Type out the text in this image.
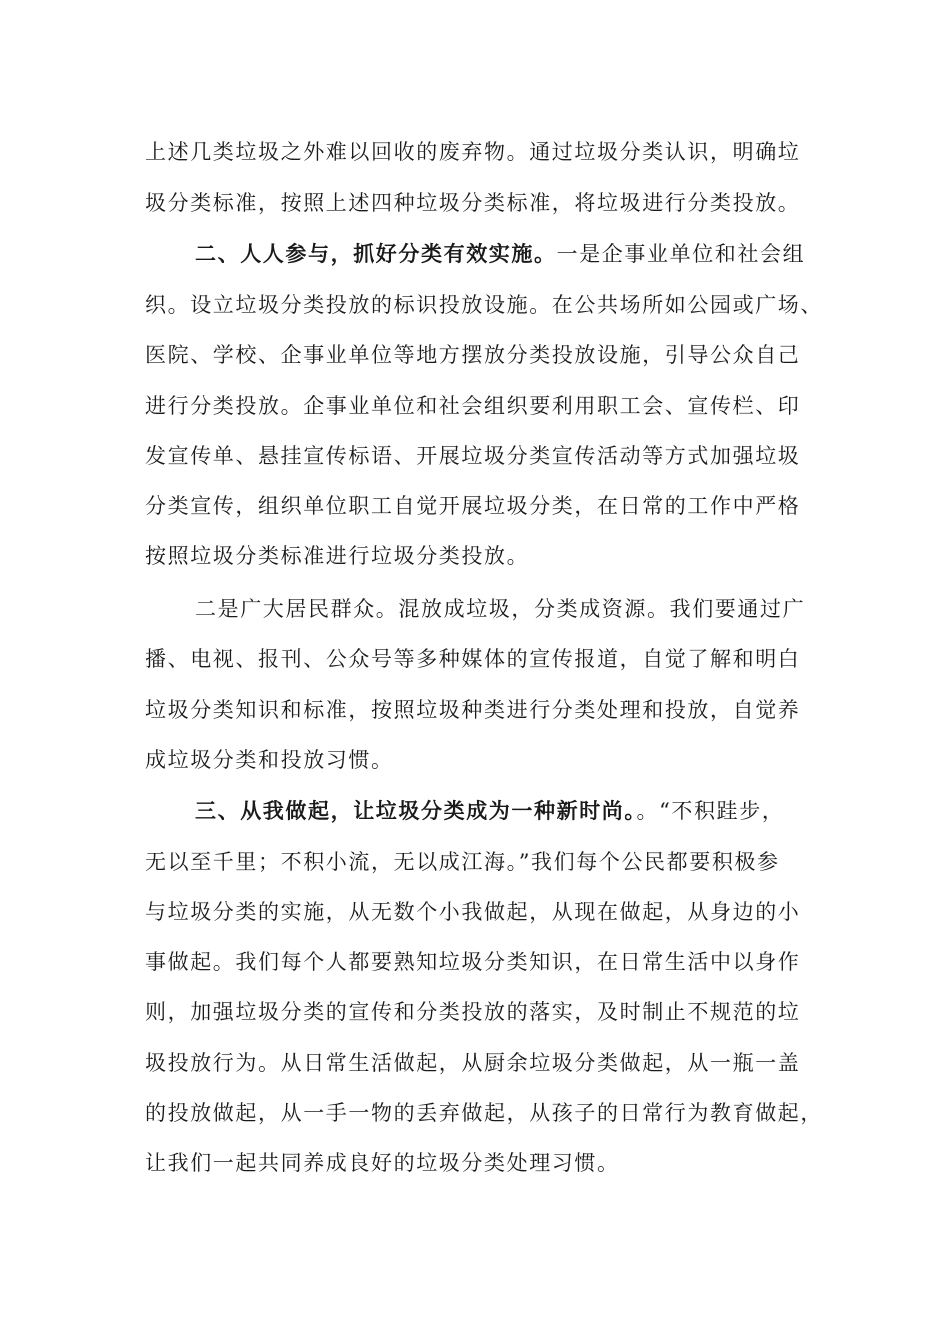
上述几类垃圾之外难以回收的废弃物。通过垃圾分类认识，明确垃
圾分类标准，按照上述四种垃圾分类标准，将垃圾进行分类投放。
二、人人参与，抓好分类有效实施。一是企事业单位和社会组
织。设立垃圾分类投放的标识投放设施。在公共场所如公园或广场、
医院、学校、企事业单位等地方摆放分类投放设施，引导公众自己
进行分类投放。企事业单位和社会组织要利用职工会、宣传栏、印
发宣传单、悬挂宣传标语、开展垃圾分类宣传活动等方式加强垃圾
分类宣传，组织单位职工自觉开展垃圾分类，在日常的工作中严格
按照垃圾分类标准进行垃圾分类投放。
二是广大居民群众。混放成垃圾，分类成资源。我们要通过广
播、电视、报刊、公众号等多种媒体的宣传报道，自觉了解和明白
垃圾分类知识和标准，按照垃圾种类进行分类处理和投放，自觉养
成垃圾分类和投放习惯。
三、从我做起，让垃圾分类成为一种新时尚。。“不积跬步，
无以至千里；不积小流，无以成江海。”我们每个公民都要积极参
与垃圾分类的实施，从无数个小我做起，从现在做起，从身边的小
事做起。我们每个人都要熟知垃圾分类知识，在日常生活中以身作
则，加强垃圾分类的宣传和分类投放的落实，及时制止不规范的垃
圾投放行为。从日常生活做起，从厨余垃圾分类做起，从一瓶一盖
的投放做起，从一手一物的丢弃做起，从孩子的日常行为教育做起，
让我们一起共同养成良好的垃圾分类处理习惯。
